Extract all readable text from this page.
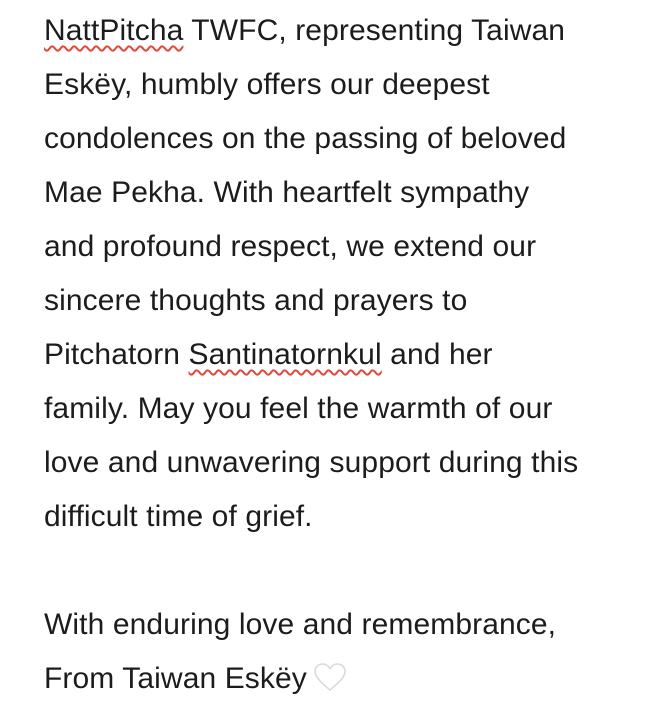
NattPitcha TWFC, representing Taiwan
Eskëy, humbly offers our deepest
condolences on the passing of beloved
Mae Pekha. With heartfelt sympathy
and profound respect, we extend our
sincere thoughts and prayers to
Pitchatorn Santinatornkul and her
family. May you feel the warmth of our
love and unwavering support during this
difficult time of grief.
With enduring love and remembrance,
From Taiwan Eskëy
